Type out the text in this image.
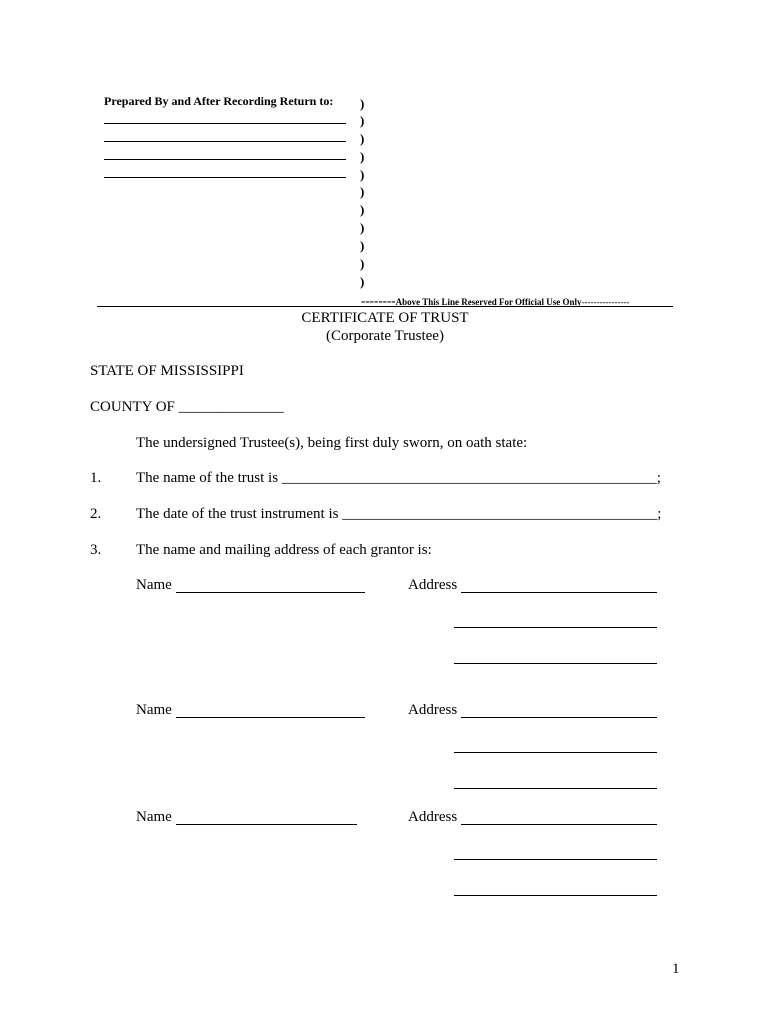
Prepared By and After Recording Return to: )
)
)
)
)
)
)
)
)
)
)
--------Above This Line Reserved For Official Use Only----------------
CERTIFICATE OF TRUST
(Corporate Trustee)
STATE OF MISSISSIPPI
COUNTY OF ______________
The undersigned Trustee(s), being first duly sworn, on oath state:
1. The name of the trust is __________________________________________________;
2. The date of the trust instrument is __________________________________________;
3. The name and mailing address of each grantor is:
Name	Address
Name	Address
Name	Address
1
